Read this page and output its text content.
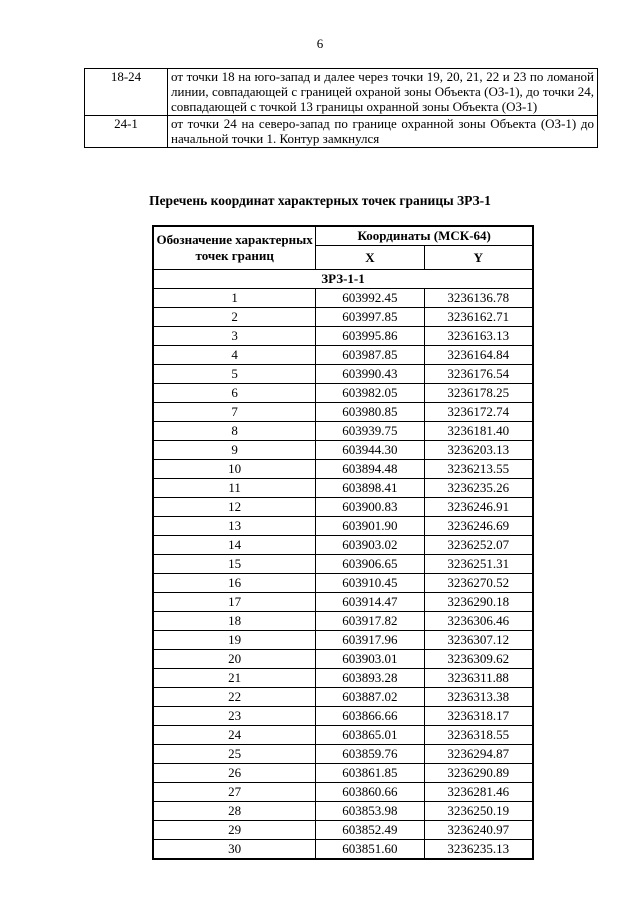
6
18-24	от точки 18 на юго-запад и далее через точки 19, 20, 21, 22 и 23 по ломаной линии, совпадающей с границей охраной зоны Объекта (ОЗ-1), до точки 24, совпадающей с точкой 13 границы охранной зоны Объекта (ОЗ-1)
24-1	от точки 24 на северо-запад по границе охранной зоны Объекта (ОЗ-1) до начальной точки 1. Контур замкнулся
Перечень координат характерных точек границы ЗРЗ-1
Обозначение характерных точек границ	Координаты (МСК-64)	
	X	Y
ЗРЗ-1-1		
1	603992.45	3236136.78
2	603997.85	3236162.71
3	603995.86	3236163.13
4	603987.85	3236164.84
5	603990.43	3236176.54
6	603982.05	3236178.25
7	603980.85	3236172.74
8	603939.75	3236181.40
9	603944.30	3236203.13
10	603894.48	3236213.55
11	603898.41	3236235.26
12	603900.83	3236246.91
13	603901.90	3236246.69
14	603903.02	3236252.07
15	603906.65	3236251.31
16	603910.45	3236270.52
17	603914.47	3236290.18
18	603917.82	3236306.46
19	603917.96	3236307.12
20	603903.01	3236309.62
21	603893.28	3236311.88
22	603887.02	3236313.38
23	603866.66	3236318.17
24	603865.01	3236318.55
25	603859.76	3236294.87
26	603861.85	3236290.89
27	603860.66	3236281.46
28	603853.98	3236250.19
29	603852.49	3236240.97
30	603851.60	3236235.13
